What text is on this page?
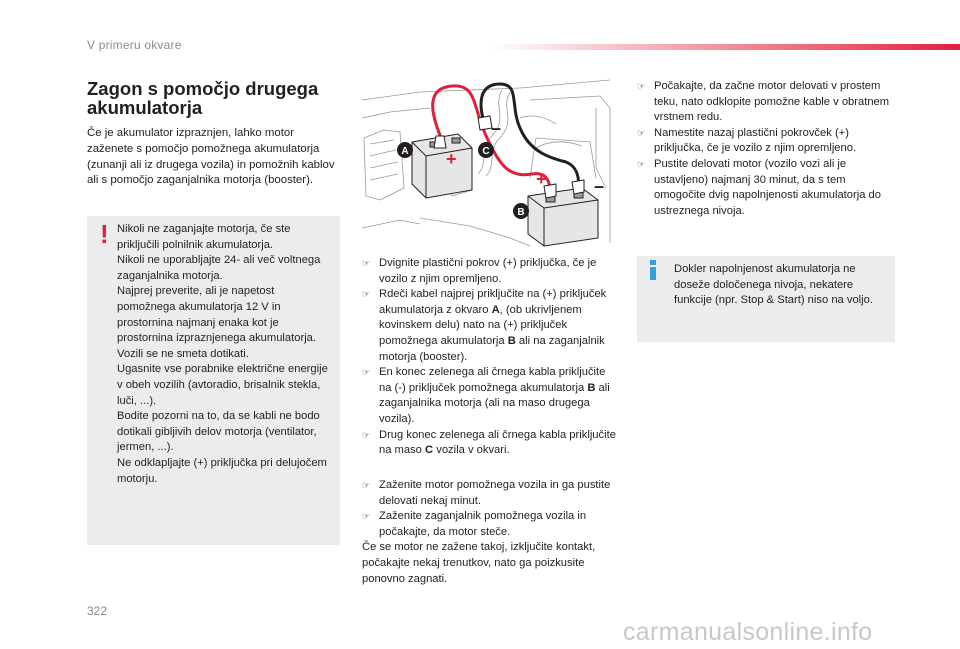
V primeru okvare
Zagon s pomočjo drugega
akumulatorja
Če je akumulator izpraznjen, lahko motor zaženete s pomočjo pomožnega akumulatorja (zunanji ali iz drugega vozila) in pomožnih kablov ali s pomočjo zaganjalnika motorja (booster).
! Nikoli ne zaganjajte motorja, če ste priključili polnilnik akumulatorja.

Nikoli ne uporabljajte 24- ali več voltnega zaganjalnika motorja.

Najprej preverite, ali je napetost pomožnega akumulatorja 12 V in prostornina najmanj enaka kot je prostornina izpraznjenega akumulatorja.

Vozili se ne smeta dotikati.

Ugasnite vse porabnike električne energije v obeh vozilih (avtoradio, brisalnik stekla, luči, ...).

Bodite pozorni na to, da se kabli ne bodo dotikali gibljivih delov motorja (ventilator, jermen, ...).

Ne odklapljajte (+) priključka pri delujočem motorju.

A	C
B
+
+
–
–
☞ Dvignite plastični pokrov (+) priključka, če je vozilo z njim opremljeno.
☞ Rdeči kabel najprej priključite na (+) priključek akumulatorja z okvaro A, (ob ukrivljenem kovinskem delu) nato na (+) priključek pomožnega akumulatorja B ali na zaganjalnik motorja (booster).
☞ En konec zelenega ali črnega kabla priključite na (-) priključek pomožnega akumulatorja B ali zaganjalnika motorja (ali na maso drugega vozila).
☞ Drug konec zelenega ali črnega kabla priključite na maso C vozila v okvari.
☞ Zaženite motor pomožnega vozila in ga pustite delovati nekaj minut.
☞ Zaženite zaganjalnik pomožnega vozila in počakajte, da motor steče.
Če se motor ne zažene takoj, izključite kontakt, počakajte nekaj trenutkov, nato ga poizkusite ponovno zagnati.
☞ Počakajte, da začne motor delovati v prostem teku, nato odklopite pomožne kable v obratnem vrstnem redu.
☞ Namestite nazaj plastični pokrovček (+) priključka, če je vozilo z njim opremljeno.
☞ Pustite delovati motor (vozilo vozi ali je ustavljeno) najmanj 30 minut, da s tem omogočite dvig napolnjenosti akumulatorja do ustreznega nivoja.
Dokler napolnjenost akumulatorja ne doseže določenega nivoja, nekatere funkcije (npr. Stop & Start) niso na voljo.
322
carmanualsonline.info
